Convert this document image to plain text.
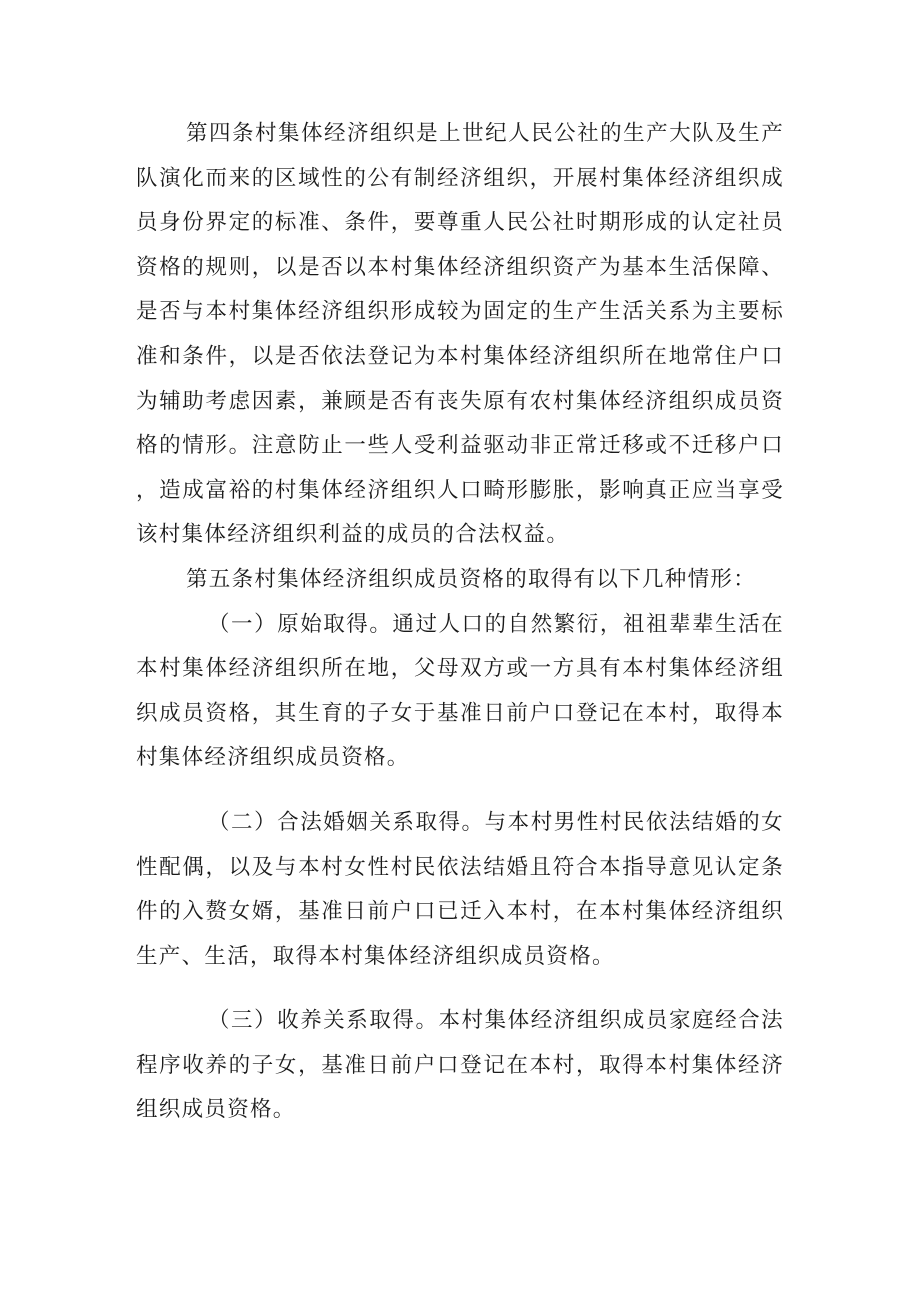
第四条村集体经济组织是上世纪人民公社的生产大队及生产队演化而来的区域性的公有制经济组织，开展村集体经济组织成员身份界定的标准、条件，要尊重人民公社时期形成的认定社员资格的规则，以是否以本村集体经济组织资产为基本生活保障、是否与本村集体经济组织形成较为固定的生产生活关系为主要标准和条件，以是否依法登记为本村集体经济组织所在地常住户口为辅助考虑因素，兼顾是否有丧失原有农村集体经济组织成员资格的情形。注意防止一些人受利益驱动非正常迁移或不迁移户口，造成富裕的村集体经济组织人口畸形膨胀，影响真正应当享受该村集体经济组织利益的成员的合法权益。

第五条村集体经济组织成员资格的取得有以下几种情形：

（一）原始取得。通过人口的自然繁衍，祖祖辈辈生活在本村集体经济组织所在地，父母双方或一方具有本村集体经济组织成员资格，其生育的子女于基准日前户口登记在本村，取得本村集体经济组织成员资格。

（二）合法婚姻关系取得。与本村男性村民依法结婚的女性配偶，以及与本村女性村民依法结婚且符合本指导意见认定条件的入赘女婿，基准日前户口已迁入本村，在本村集体经济组织生产、生活，取得本村集体经济组织成员资格。

（三）收养关系取得。本村集体经济组织成员家庭经合法程序收养的子女，基准日前户口登记在本村，取得本村集体经济组织成员资格。
